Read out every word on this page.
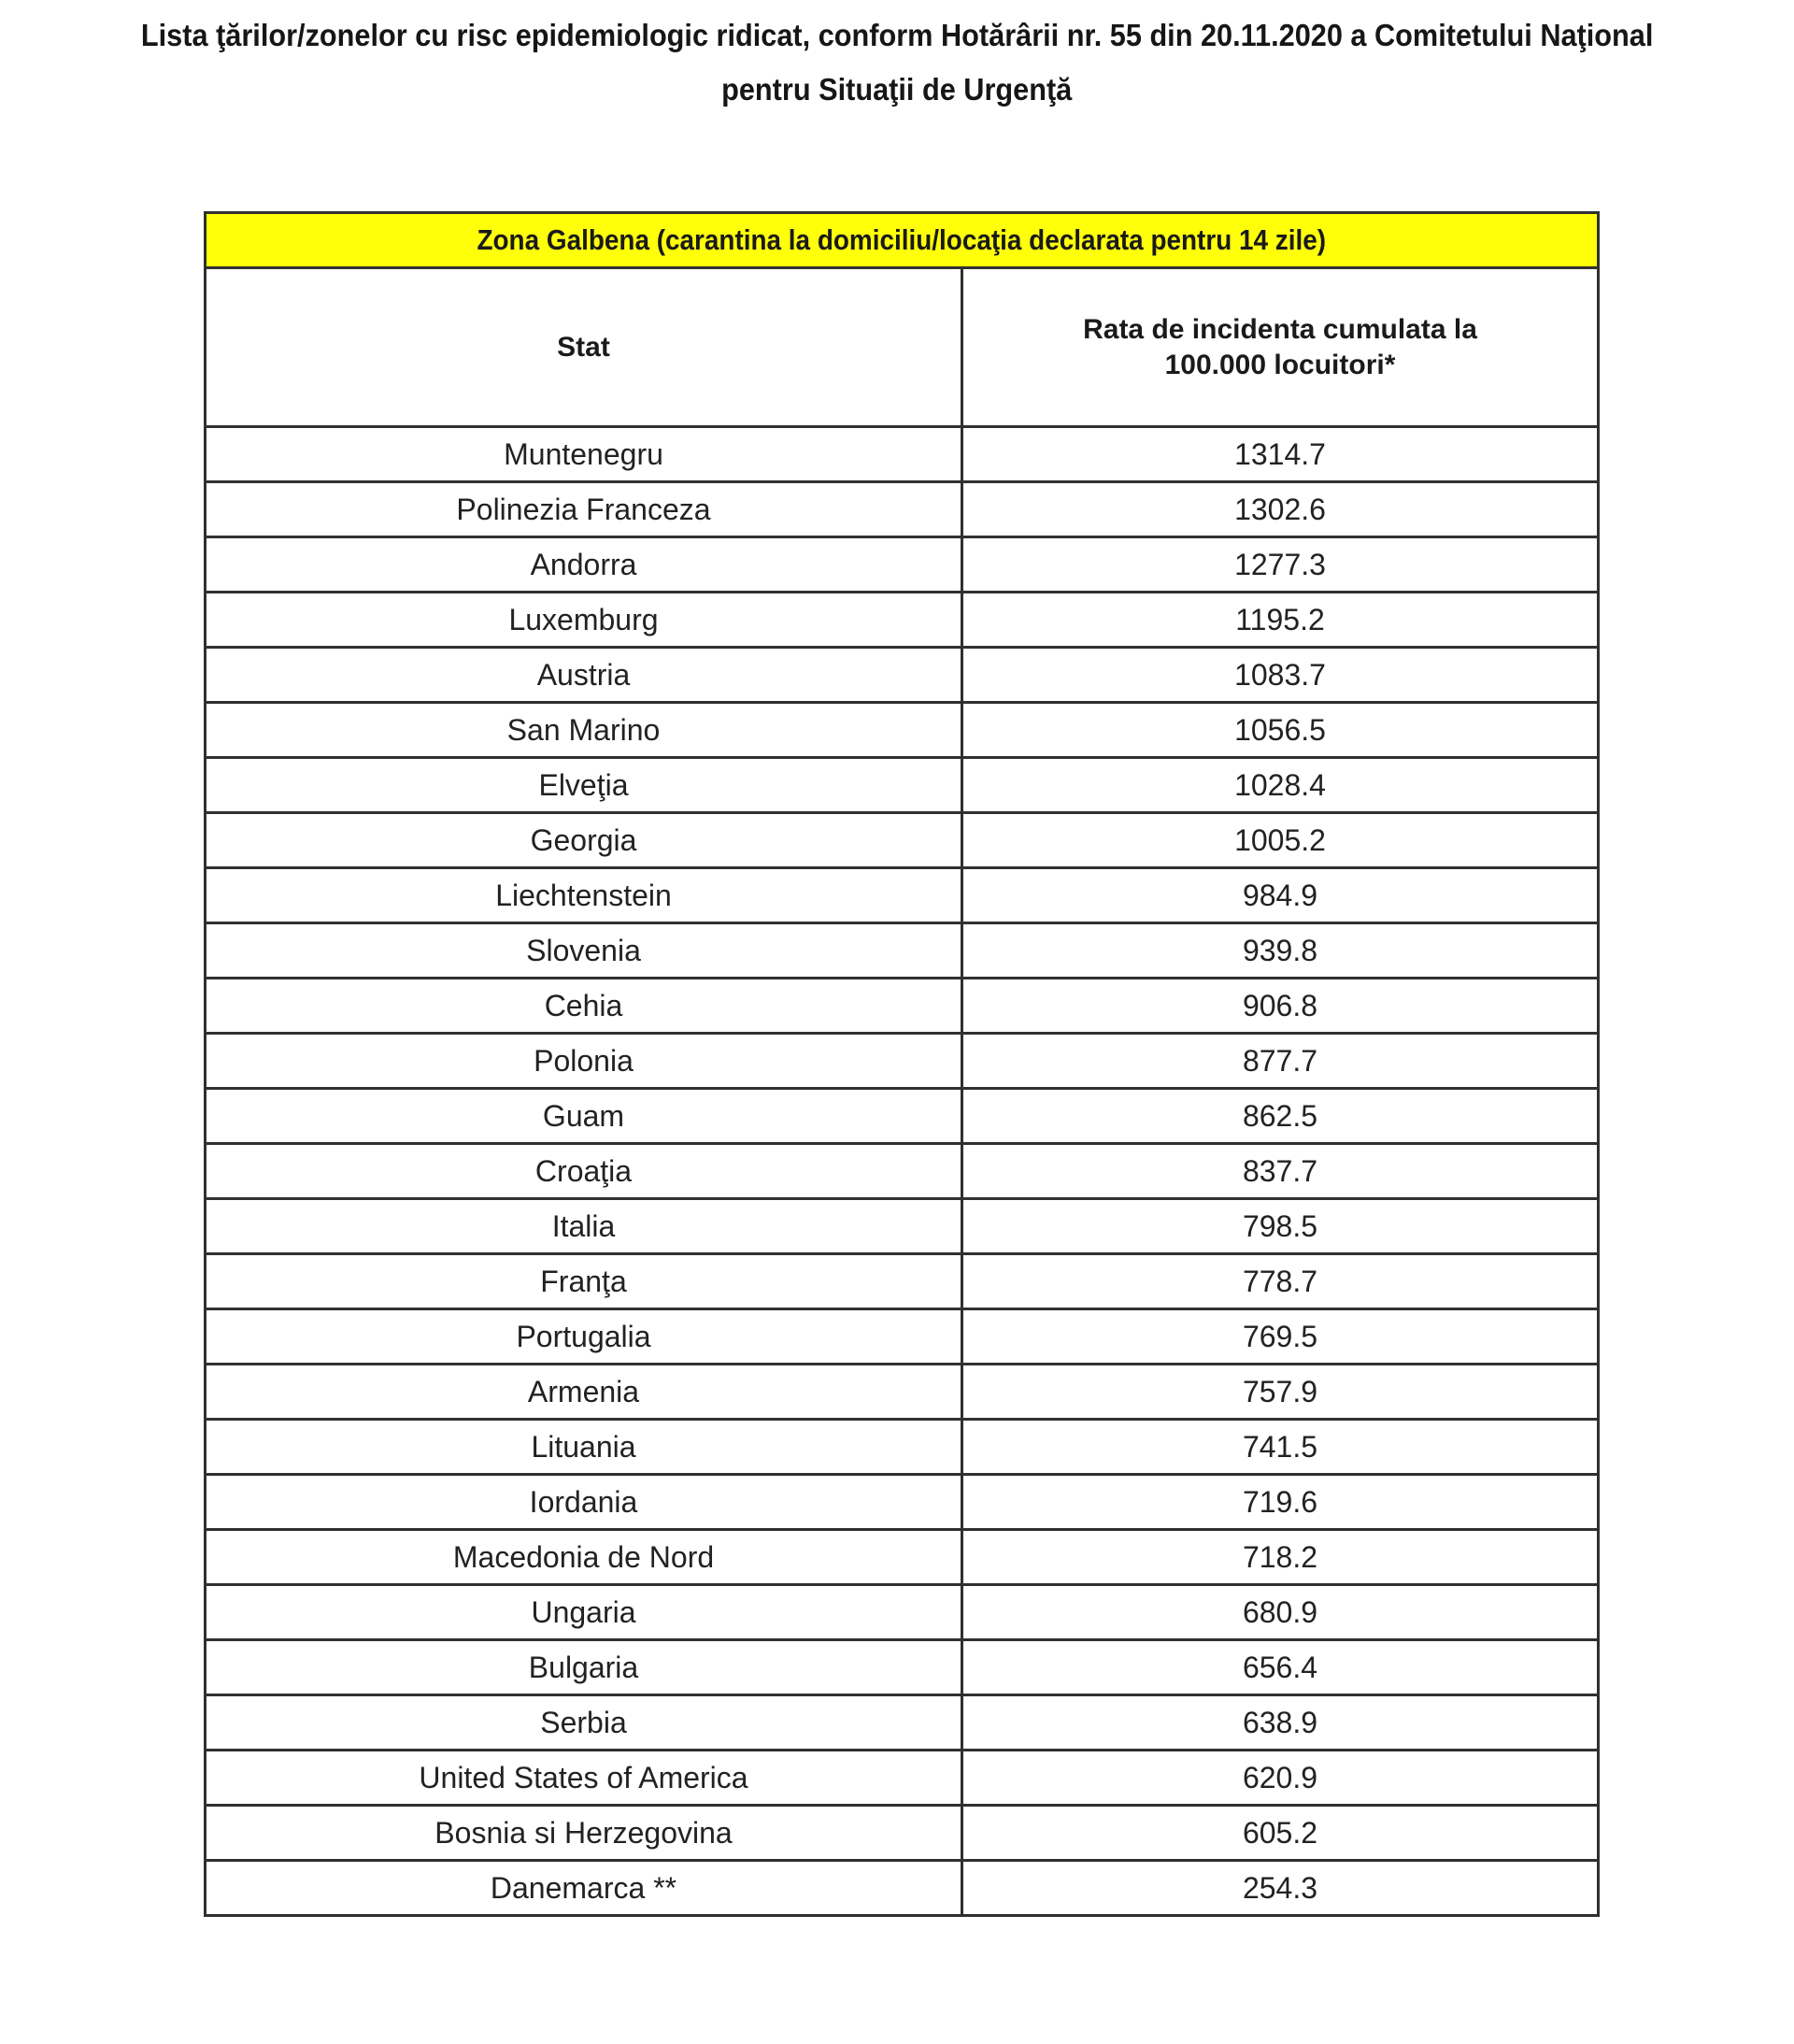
Lista ţărilor/zonelor cu risc epidemiologic ridicat, conform Hotărârii nr. 55 din 20.11.2020 a Comitetului Naţional
pentru Situaţii de Urgenţă
Zona Galbena (carantina la domiciliu/locaţia declarata pentru 14 zile)	
Stat	Rata de incidenta cumulata la
100.000 locuitori*

Muntenegru	1314.7
Polinezia Franceza	1302.6
Andorra	1277.3
Luxemburg	1195.2
Austria	1083.7
San Marino	1056.5
Elveţia	1028.4
Georgia	1005.2
Liechtenstein	984.9
Slovenia	939.8
Cehia	906.8
Polonia	877.7
Guam	862.5
Croaţia	837.7
Italia	798.5
Franţa	778.7
Portugalia	769.5
Armenia	757.9
Lituania	741.5
Iordania	719.6
Macedonia de Nord	718.2
Ungaria	680.9
Bulgaria	656.4
Serbia	638.9
United States of America	620.9
Bosnia si Herzegovina	605.2
Danemarca **	254.3
